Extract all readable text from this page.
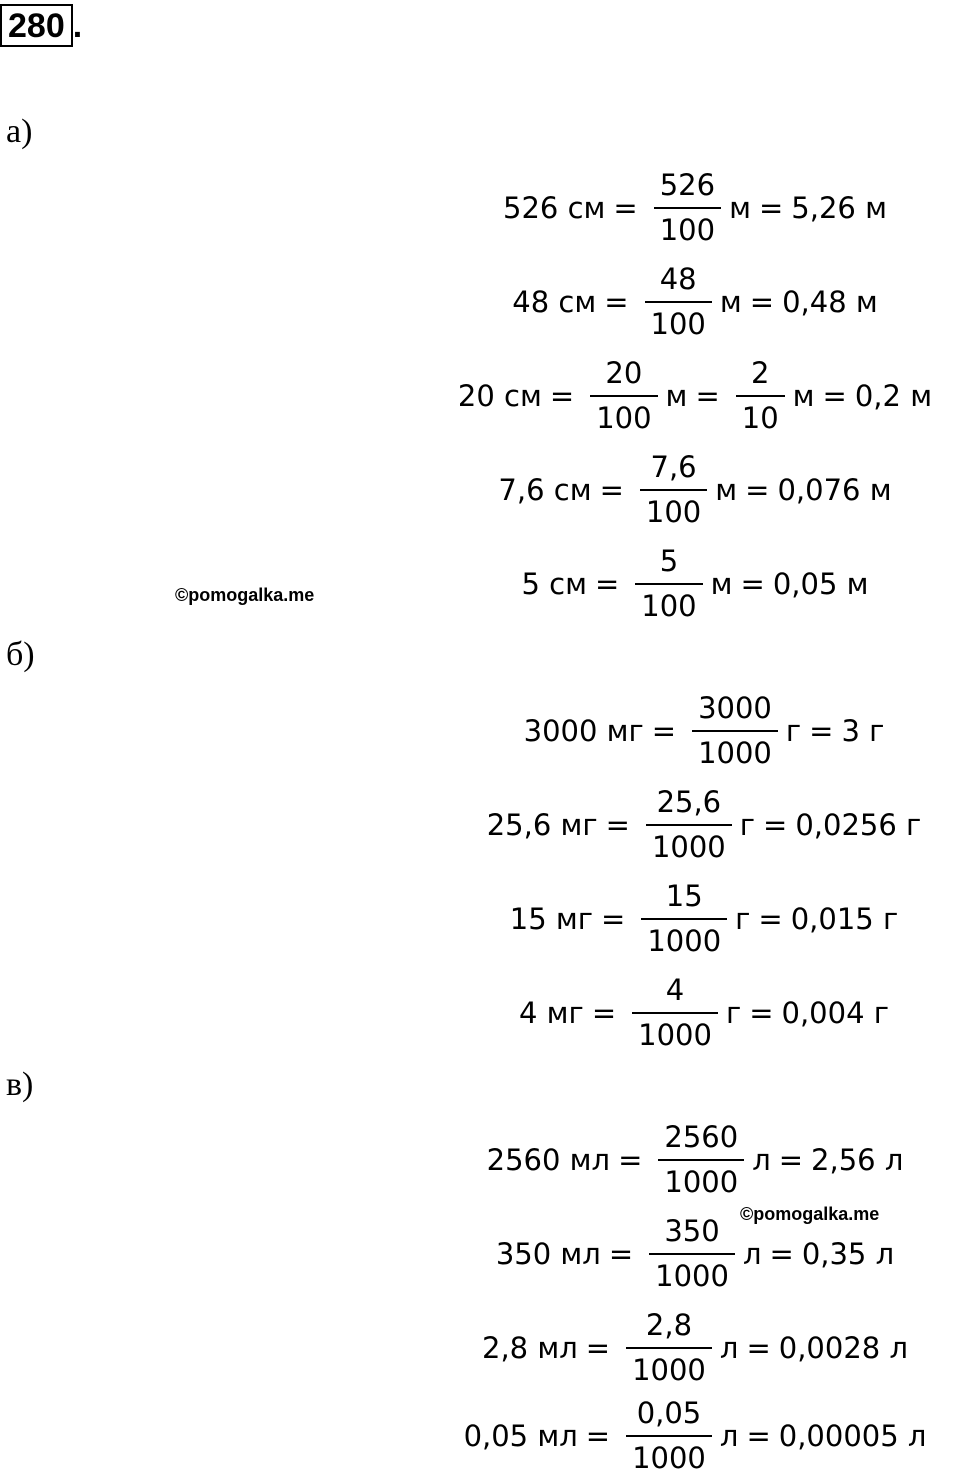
280 .
а)
б)
в)
©pomogalka.me
©pomogalka.me
526 см = $\frac{526}{100}$ м = 5,26 м
48 см = $\frac{48}{100}$ м = 0,48 м
20 см = $\frac{20}{100}$ $м = \frac{2}{10}$ м = 0,2 м
7,6 см = $\frac{7,6}{100}$ м = 0,076 м
5 см = $\frac{5}{100}$ м = 0,05 м
3000 мг = $\frac{3000}{1000}$ г = 3 г
25,6 мг = $\frac{25,6}{1000}$ г = 0,0256 г
15 мг = $\frac{15}{1000}$ г = 0,015 г
4 мг = $\frac{4}{1000}$ г = 0,004 г
2560 мл = $\frac{2560}{1000}$ л = 2,56 л
350 мл = $\frac{350}{1000}$ л = 0,35 л
2,8 мл = $\frac{2,8}{1000}$ л = 0,0028 л
0,05 мл = $\frac{0,05}{1000}$ л = 0,00005 л
